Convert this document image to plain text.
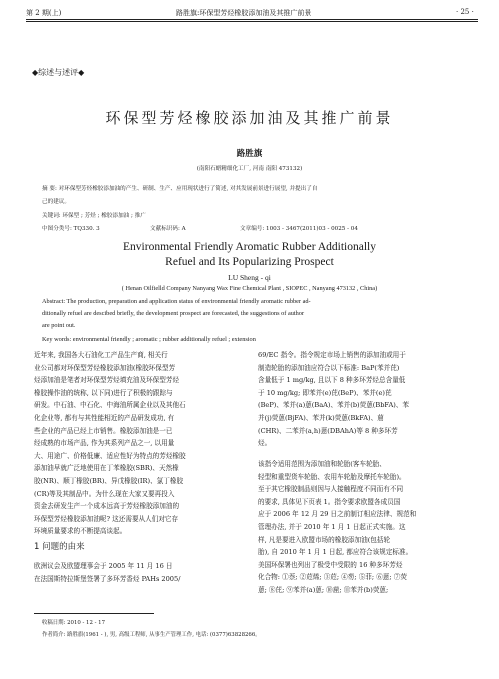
第 2 期(上)	路胜旗:环保型芳烃橡胶添加油及其推广前景	· 25 ·
◆综述与述评◆
环保型芳烃橡胶添加油及其推广前景
路胜旗
(南阳石蜡精细化工厂, 河南 南阳 473132)
摘 要: 对环保型芳烃橡胶添加油的产生、研制、生产、应用现状进行了简述, 对其发展前景进行展望, 并提出了自
己的建议。
关键词: 环保型 ; 芳烃 ; 橡胶添加油 ; 推广
中图分类号: TQ330. 3	文献标识码: A	文章编号: 1003 - 3467(2011)03 - 0025 - 04
Environmental Friendly Aromatic Rubber Additionally
Refuel and Its Popularizing Prospect
LU Sheng - qi
( Henan Oilfielld Company Nanyang Wax Fine Chemical Plant , SIOPEC , Nanyang 473132 , China)
Abstract: The production, preparation and application status of environmental friendly aromatic rubber ad-
ditionally refuel are descibed briefly, the development prospect are forecasted, the suggestions of author
are point out.
Key words: environmental friendly ; aromatic ; rubber additionally refuel ; extension
近年来, 我国各大石油化工产品生产商, 相关行
业公司都对环保型芳烃橡胶添加油(橡胶环保型芳
烃添加油是笔者对环保型芳烃填充油及环保型芳烃
橡胶操作油的统称, 以下同)进行了积极的跟踪与
研发。中石油、中石化、中海油所属企业以及其他石
化企业等, 都有与其性能相近的产品研发成功, 有
些企业的产品已经上市销售。橡胶添加油是一已
经成熟的市场产品, 作为其系列产品之一, 以用量
大、用途广、价格低廉、适应性好为特点的芳烃橡胶
添加油早就广泛地使用在丁苯橡胶(SBR)、天然橡
胶(NR)、顺丁橡胶(BR)、异戊橡胶(IR)、氯丁橡胶
(CR)等及其制品中。为什么现在大家又要再投入
资金去研发生产一个成本远高于芳烃橡胶添加油的
环保型芳烃橡胶添加油呢? 这还需要从人们对它存
环境质量要求的不断提高谈起。
1 问题的由来
欧洲议会及欧盟理事会于 2005 年 11 月 16 日
在法国斯特拉斯堡签署了多环芳香烃 PAHs 2005/
69/EC 指令。指令规定市场上销售的添加油或用于
制造轮胎的添加油应符合以下标准: BaP(苯并芘)
含量低于 1 mg/kg, 且以下 8 种多环芳烃总含量低
于 10 mg/kg; 即苯并(e)芘(BeP)、苯并(e)芘
(BeP)、苯并(a)蒽(BaA)、苯并(b)荧蒽(BbFA)、苯
并(j)荧蒽(BjFA)、苯并(k)荧蒽(BkFA)、䓛
(CHR)、二苯并(a,h)蒽(DBAhA)等 8 种多环芳
烃。
该指令适用范围为添加油和轮胎(客车轮胎、
轻型和重型货车轮胎、农用车轮胎及摩托车轮胎)。
至于其它橡胶制品则因与人接触程度不同而有不同
的要求, 具体见下页表 1。指令要求欧盟各成员国
应于 2006 年 12 月 29 日之前制订相应法律、规范和
管理办法, 并于 2010 年 1 月 1 日起正式实施。这
样, 凡是要进入欧盟市场的橡胶添加油(包括轮
胎), 自 2010 年 1 月 1 日起, 都应符合该规定标准。
美国环保署也列出了极受中受限的 16 种多环芳烃
化合物: ①萘; ②苊烯; ③苊; ④芴; ⑤菲; ⑥蒽; ⑦荧
蒽; ⑧芘; ⑨苯并(a)蒽; ⑩䓛; ⑪苯并(b)荧蒽;
收稿日期: 2010 - 12 - 17
作者简介: 路胜旗(1961 - ), 男, 高级工程师, 从事生产管理工作, 电话: (0377)63828266。
